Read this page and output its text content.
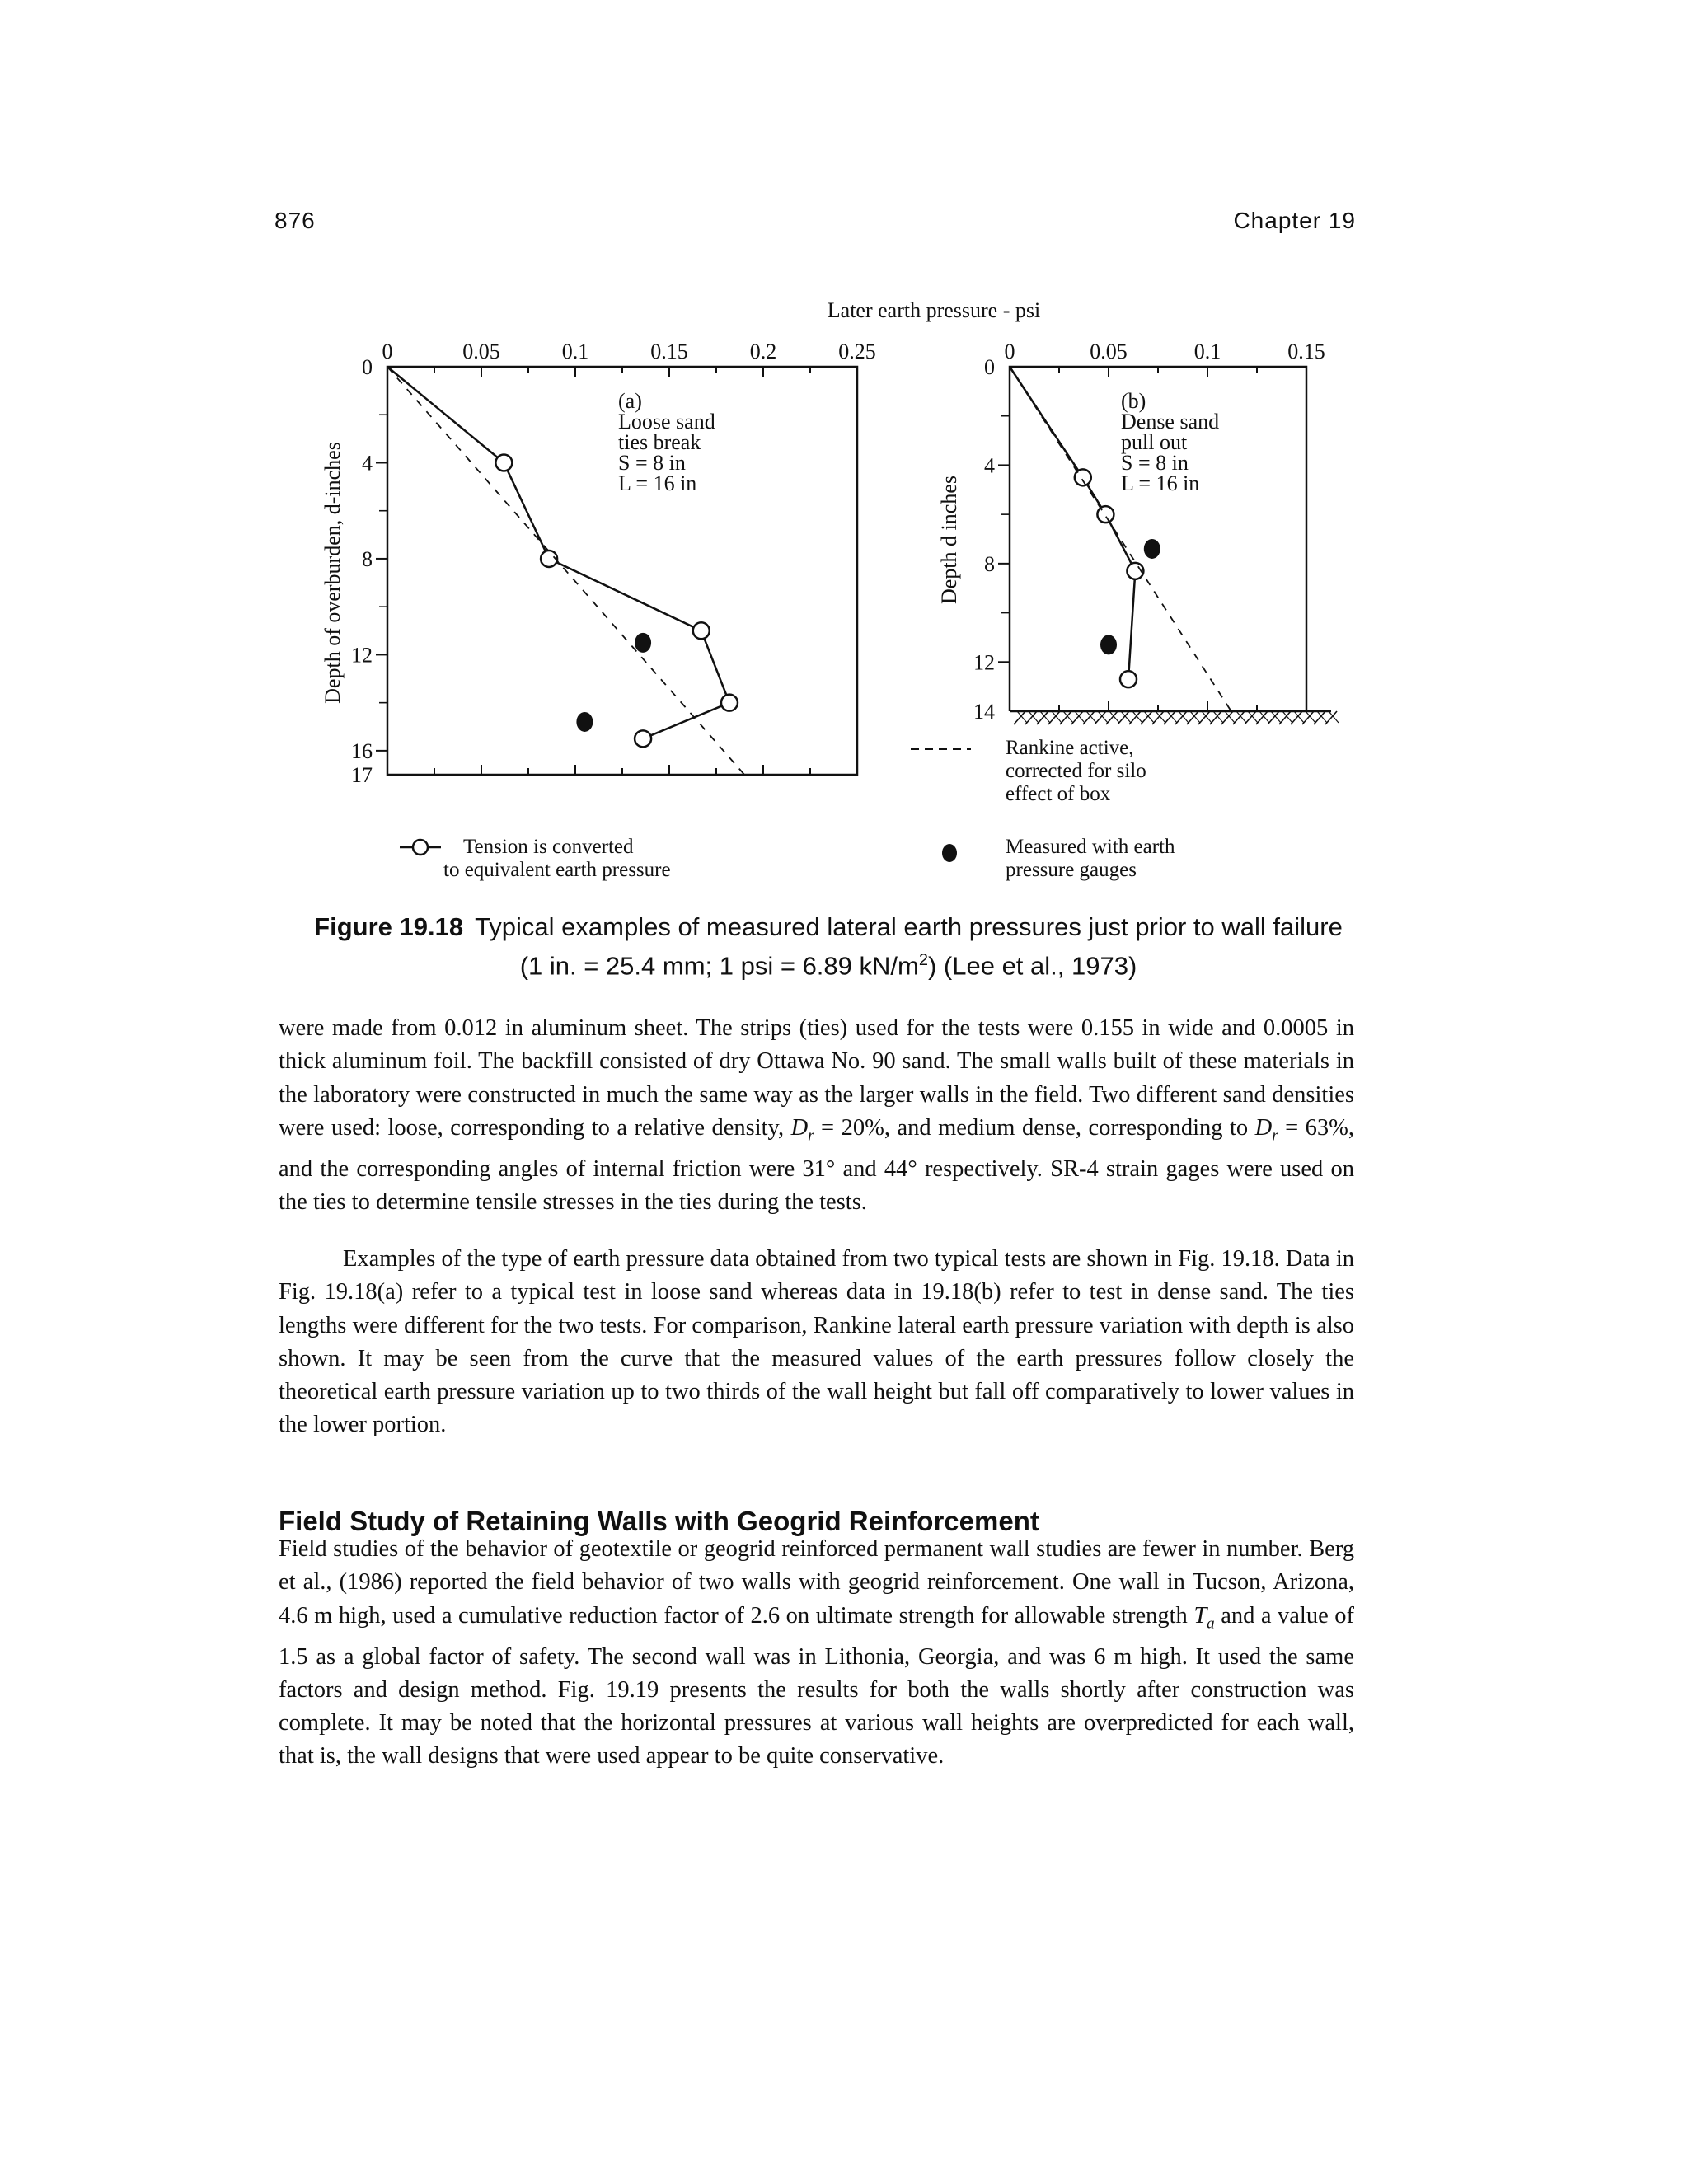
876	Chapter 19
Later earth pressure - psi
0	0.05	0.1	0.15	0.2	0.25
0
4
8
12
16
17
Depth of overburden, d-inches
(a)
Loose sand
ties break
S = 8 in
L = 16 in
0	0.05	0.1	0.15
0
4
8
12
14
Depth d inches
(b)
Dense sand
pull out
S = 8 in
L = 16 in
Tension is converted
to equivalent earth pressure
Measured with earth
pressure gauges
Rankine active,
corrected for silo
effect of box
Figure 19.18 Typical examples of measured lateral earth pressures just prior to wall failure (1 in. = 25.4 mm; 1 psi = 6.89 $kN/m^2$) (Lee et al., 1973)

were made from 0.012 in aluminum sheet. The strips (ties) used for the tests were 0.155 in wide and 0.0005 in thick aluminum foil. The backfill consisted of dry Ottawa No. 90 sand. The small walls built of these materials in the laboratory were constructed in much the same way as the larger walls in the field. Two different sand densities were used: loose, corresponding to a relative density, $D_r = 20\%$, and medium dense, corresponding to $D_r = 63\%$, and the corresponding angles of internal friction were 31° and 44° respectively. SR-4 strain gages were used on the ties to determine tensile stresses in the ties during the tests.

Examples of the type of earth pressure data obtained from two typical tests are shown in Fig. 19.18. Data in Fig. 19.18(a) refer to a typical test in loose sand whereas data in 19.18(b) refer to test in dense sand. The ties lengths were different for the two tests. For comparison, Rankine lateral earth pressure variation with depth is also shown. It may be seen from the curve that the measured values of the earth pressures follow closely the theoretical earth pressure variation up to two thirds of the wall height but fall off comparatively to lower values in the lower portion.

Field Study of Retaining Walls with Geogrid Reinforcement

Field studies of the behavior of geotextile or geogrid reinforced permanent wall studies are fewer in number. Berg et al., (1986) reported the field behavior of two walls with geogrid reinforcement. One wall in Tucson, Arizona, 4.6 m high, used a cumulative reduction factor of 2.6 on ultimate strength for allowable strength $T_a$ and a value of 1.5 as a global factor of safety. The second wall was in Lithonia, Georgia, and was 6 m high. It used the same factors and design method. Fig. 19.19 presents the results for both the walls shortly after construction was complete. It may be noted that the horizontal pressures at various wall heights are overpredicted for each wall, that is, the wall designs that were used appear to be quite conservative.
